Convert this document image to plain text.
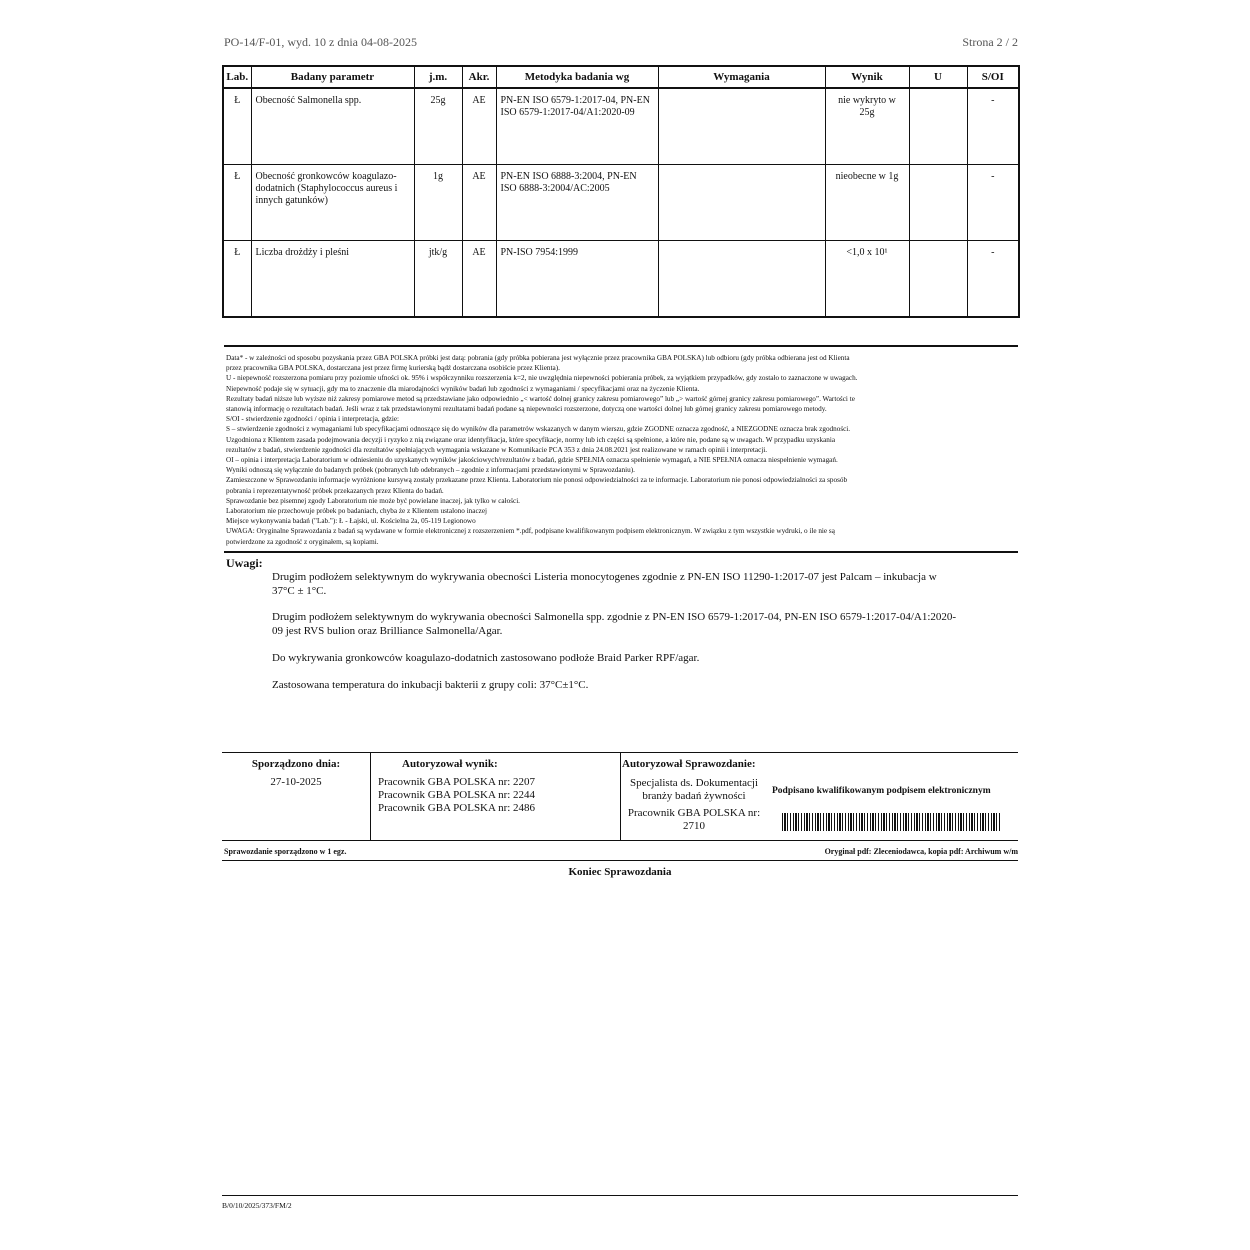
PO-14/F-01, wyd. 10 z dnia 04-08-2025	Strona 2 / 2
Lab.	Badany parametr	j.m.	Akr.	Metodyka badania wg	Wymagania	Wynik	U	S/OI
Ł	Obecność Salmonella spp.	25g	AE	PN-EN ISO 6579-1:2017-04, PN-EN ISO 6579-1:2017-04/A1:2020-09		nie wykryto w 25g		-
Ł	Obecność gronkowców koagulazo-dodatnich (Staphylococcus aureus i innych gatunków)	1g	AE	PN-EN ISO 6888-3:2004, PN-EN ISO 6888-3:2004/AC:2005		nieobecne w 1g		-
Ł	Liczba drożdży i pleśni	jtk/g	AE	PN-ISO 7954:1999		<1,0 x 10¹		-
Data* - w zależności od sposobu pozyskania przez GBA POLSKA próbki jest datą: pobrania (gdy próbka pobierana jest wyłącznie przez pracownika GBA POLSKA) lub odbioru (gdy próbka odbierana jest od Klienta
przez pracownika GBA POLSKA, dostarczana jest przez firmę kurierską bądź dostarczana osobiście przez Klienta).
U - niepewność rozszerzona pomiaru przy poziomie ufności ok. 95% i współczynniku rozszerzenia k=2, nie uwzględnia niepewności pobierania próbek, za wyjątkiem przypadków, gdy zostało to zaznaczone w uwagach.
Niepewność podaje się w sytuacji, gdy ma to znaczenie dla miarodajności wyników badań lub zgodności z wymaganiami / specyfikacjami oraz na życzenie Klienta.
Rezultaty badań niższe lub wyższe niż zakresy pomiarowe metod są przedstawiane jako odpowiednio „< wartość dolnej granicy zakresu pomiarowego” lub „> wartość górnej granicy zakresu pomiarowego”. Wartości te
stanowią informację o rezultatach badań. Jeśli wraz z tak przedstawionymi rezultatami badań podane są niepewności rozszerzone, dotyczą one wartości dolnej lub górnej granicy zakresu pomiarowego metody.
S/OI - stwierdzenie zgodności / opinia i interpretacja, gdzie:
S – stwierdzenie zgodności z wymaganiami lub specyfikacjami odnoszące się do wyników dla parametrów wskazanych w danym wierszu, gdzie ZGODNE oznacza zgodność, a NIEZGODNE oznacza brak zgodności.
Uzgodniona z Klientem zasada podejmowania decyzji i ryzyko z nią związane oraz identyfikacja, które specyfikacje, normy lub ich części są spełnione, a które nie, podane są w uwagach. W przypadku uzyskania
rezultatów z badań, stwierdzenie zgodności dla rezultatów spełniających wymagania wskazane w Komunikacie PCA 353 z dnia 24.08.2021 jest realizowane w ramach opinii i interpretacji.
OI – opinia i interpretacja Laboratorium w odniesieniu do uzyskanych wyników jakościowych/rezultatów z badań, gdzie SPEŁNIA oznacza spełnienie wymagań, a NIE SPEŁNIA oznacza niespełnienie wymagań.
Wyniki odnoszą się wyłącznie do badanych próbek (pobranych lub odebranych – zgodnie z informacjami przedstawionymi w Sprawozdaniu).
Zamieszczone w Sprawozdaniu informacje wyróżnione kursywą zostały przekazane przez Klienta. Laboratorium nie ponosi odpowiedzialności za te informacje. Laboratorium nie ponosi odpowiedzialności za sposób
pobrania i reprezentatywność próbek przekazanych przez Klienta do badań.
Sprawozdanie bez pisemnej zgody Laboratorium nie może być powielane inaczej, jak tylko w całości.
Laboratorium nie przechowuje próbek po badaniach, chyba że z Klientem ustalono inaczej
Miejsce wykonywania badań ("Lab."): Ł - Łajski, ul. Kościelna 2a, 05-119 Legionowo
UWAGA: Oryginalne Sprawozdania z badań są wydawane w formie elektronicznej z rozszerzeniem *.pdf, podpisane kwalifikowanym podpisem elektronicznym. W związku z tym wszystkie wydruki, o ile nie są
potwierdzone za zgodność z oryginałem, są kopiami.
Uwagi:
Drugim podłożem selektywnym do wykrywania obecności Listeria monocytogenes zgodnie z PN-EN ISO 11290-1:2017-07 jest Palcam – inkubacja w 37°C ± 1°C.
Drugim podłożem selektywnym do wykrywania obecności Salmonella spp. zgodnie z PN-EN ISO 6579-1:2017-04, PN-EN ISO 6579-1:2017-04/A1:2020-09 jest RVS bulion oraz Brilliance Salmonella/Agar.
Do wykrywania gronkowców koagulazo-dodatnich zastosowano podłoże Braid Parker RPF/agar.
Zastosowana temperatura do inkubacji bakterii z grupy coli: 37°C±1°C.
Sporządzono dnia:
27-10-2025
Autoryzował wynik:
Pracownik GBA POLSKA nr: 2207
Pracownik GBA POLSKA nr: 2244
Pracownik GBA POLSKA nr: 2486
Autoryzował Sprawozdanie:
Specjalista ds. Dokumentacji
branży badań żywności
Pracownik GBA POLSKA nr:
2710
Podpisano kwalifikowanym podpisem elektronicznym
Sprawozdanie sporządzono w 1 egz.	Oryginał pdf: Zleceniodawca, kopia pdf: Archiwum w/m
Koniec Sprawozdania
B/0/10/2025/373/FM/2
